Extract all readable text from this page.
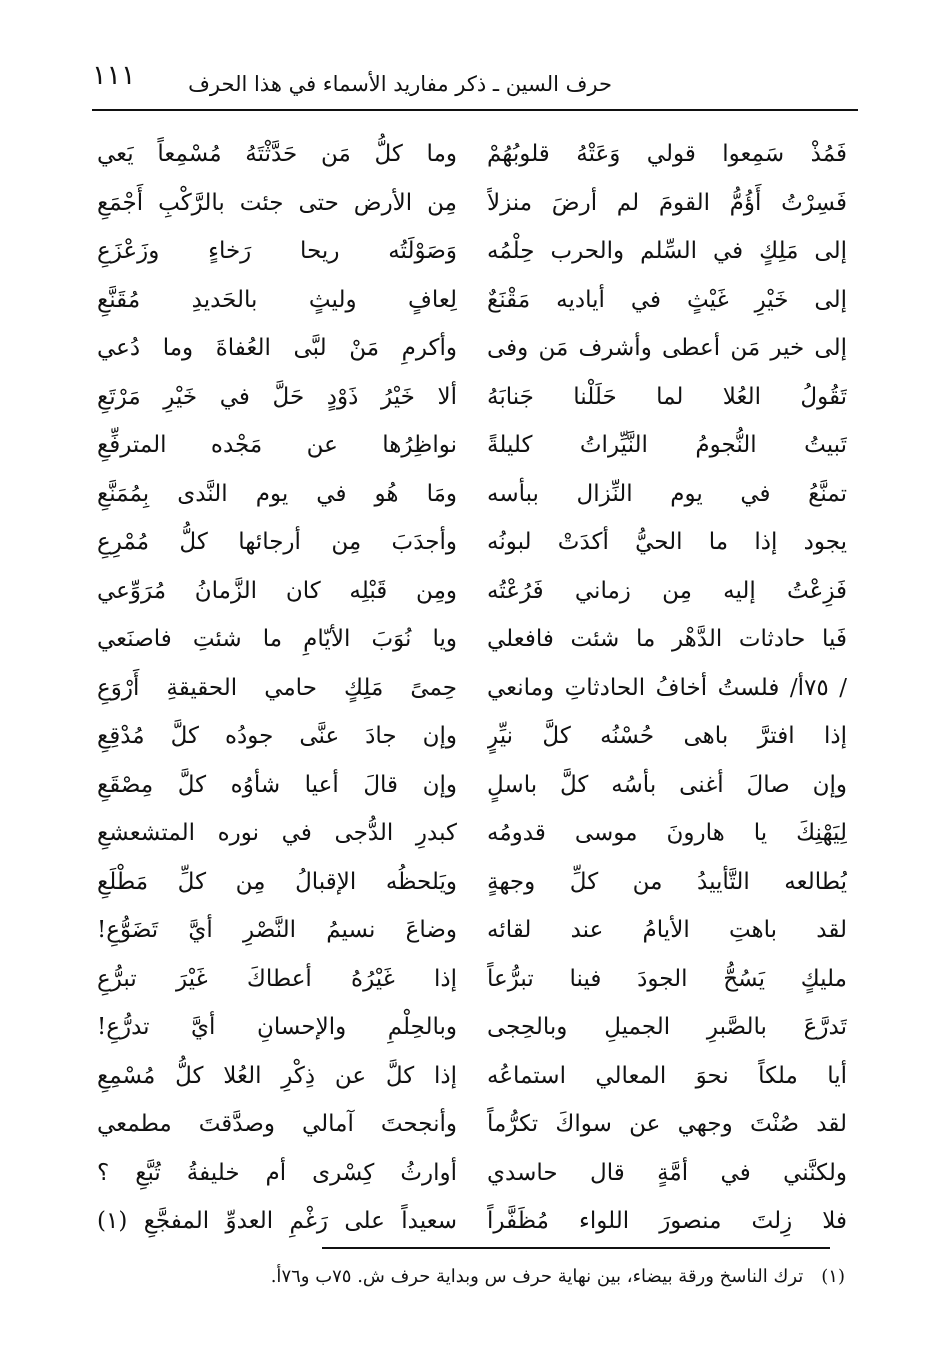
١١١	حرف السين ـ ذكر مفاريد الأسماء في هذا الحرف
فَمُذْ سَمِعوا قولي وَعَتْهُ قلوبُهُمْ
فَسِرْتُ أَؤُمُّ القومَ لم أرضَ منزلاً
إلى مَلِكٍ في السِّلم والحرب حِلْمُه
إلى خَيْرِ غَيْثٍ في أياديه مَقْنَعٌ
إلى خير مَن أعطى وأشرف مَن وفى
تَقُولُ العُلا لما حَلَلْنا جَنابَهُ
تَبيتُ النُّجومُ النَّيِّراتُ كليلةً
تمنَّعُ في يوم النِّزال ببأسه
يجود إذا ما الحيُّ أكدَتْ لبونُه
فَزِعْتُ إليه مِن زماني فَرُعْتُه
فَيا حادثات الدَّهْر ما شئت فافعلي
/ ٧٥أ/ فلستُ أخافُ الحادثاتِ ومانعي
إذا افترَّ باهى حُسْنُه كلَّ نيِّرٍ
وإن صالَ أغنى بأسُه كلَّ باسلٍ
لِيَهْنِكَ يا هارونَ موسى قدومُه
يُطالعه التَّأييدُ من كلِّ وجهةٍ
لقد باهتِ الأيامُ عند لقائه
مليكٍ يَسُحُّ الجودَ فينا تبرُّعاً
تَدرَّعَ بالصَّبرِ الجميلِ وبالحِجى
أيا ملكاً نحوَ المعالي استماعُه
لقد صُنْتَ وجهي عن سواكَ تكرُّماً
ولكنَّني في أمَّةٍ قال حاسدي
فلا زِلتَ منصورَ اللواء مُظَفَّراً
وما كلُّ مَن حَدَّثْتَهُ مُسْمِعاً يَعي
مِن الأرض حتى جئت بالرَّكْبِ أَجْمَعِ
وَصَوْلَتُه ريحا رَخاءٍ وزَعْزَعِ
لِعافٍ وليثٍ بالحَديدِ مُقَنَّعِ
وأكرمِ مَنْ لبَّى العُفاةَ وما دُعي
ألا خَيْرُ ذَوْدٍ حَلَّ في خَيْرِ مَرْتَعِ
نواظِرُها عن مَجْده المترفِّعِ
ومَا هُو في يوم النَّدى بِمُمَنَّعِ
وأجدَبَ مِن أرجائها كلُّ مُمْرِعِ
ومِن قَبْلِه كان الزَّمانُ مُرَوِّعي
ويا نُوَبَ الأيّامِ ما شئتِ فاصنَعي
حِمىً مَلِكٍ حامي الحقيقةِ أَرْوَعِ
وإن جادَ عنَّى جودُه كلَّ مُدْقِعِ
وإن قالَ أعيا شأوُه كلَّ مِصْقَعِ
كبدرِ الدُّجى في نوره المتشعشعِ
ويَلحظُه الإقبالُ مِن كلِّ مَطْلَعِ
وضاعَ نسيمُ النَّصْرِ أيَّ تَضَوُّعِ!
إذا غَيْرُهُ أعطاكَ غَيْرَ تبرُّعِ
وبالحِلْمِ والإحسانِ أيَّ تدرُّعِ!
إذا كلَّ عن ذِكْرِ العُلا كلُّ مُسْمِعِ
وأنجحتَ آمالي وصدَّقتَ مطمعي
أوارثُ كِسْرى أم خليفةُ تُبَّعِ ؟
سعيداً على رَغْمِ العدوِّ المفجَّعِ (١)
(١)ترك الناسخ ورقة بيضاء، بين نهاية حرف س وبداية حرف ش. ٧٥ب و٧٦أ.
